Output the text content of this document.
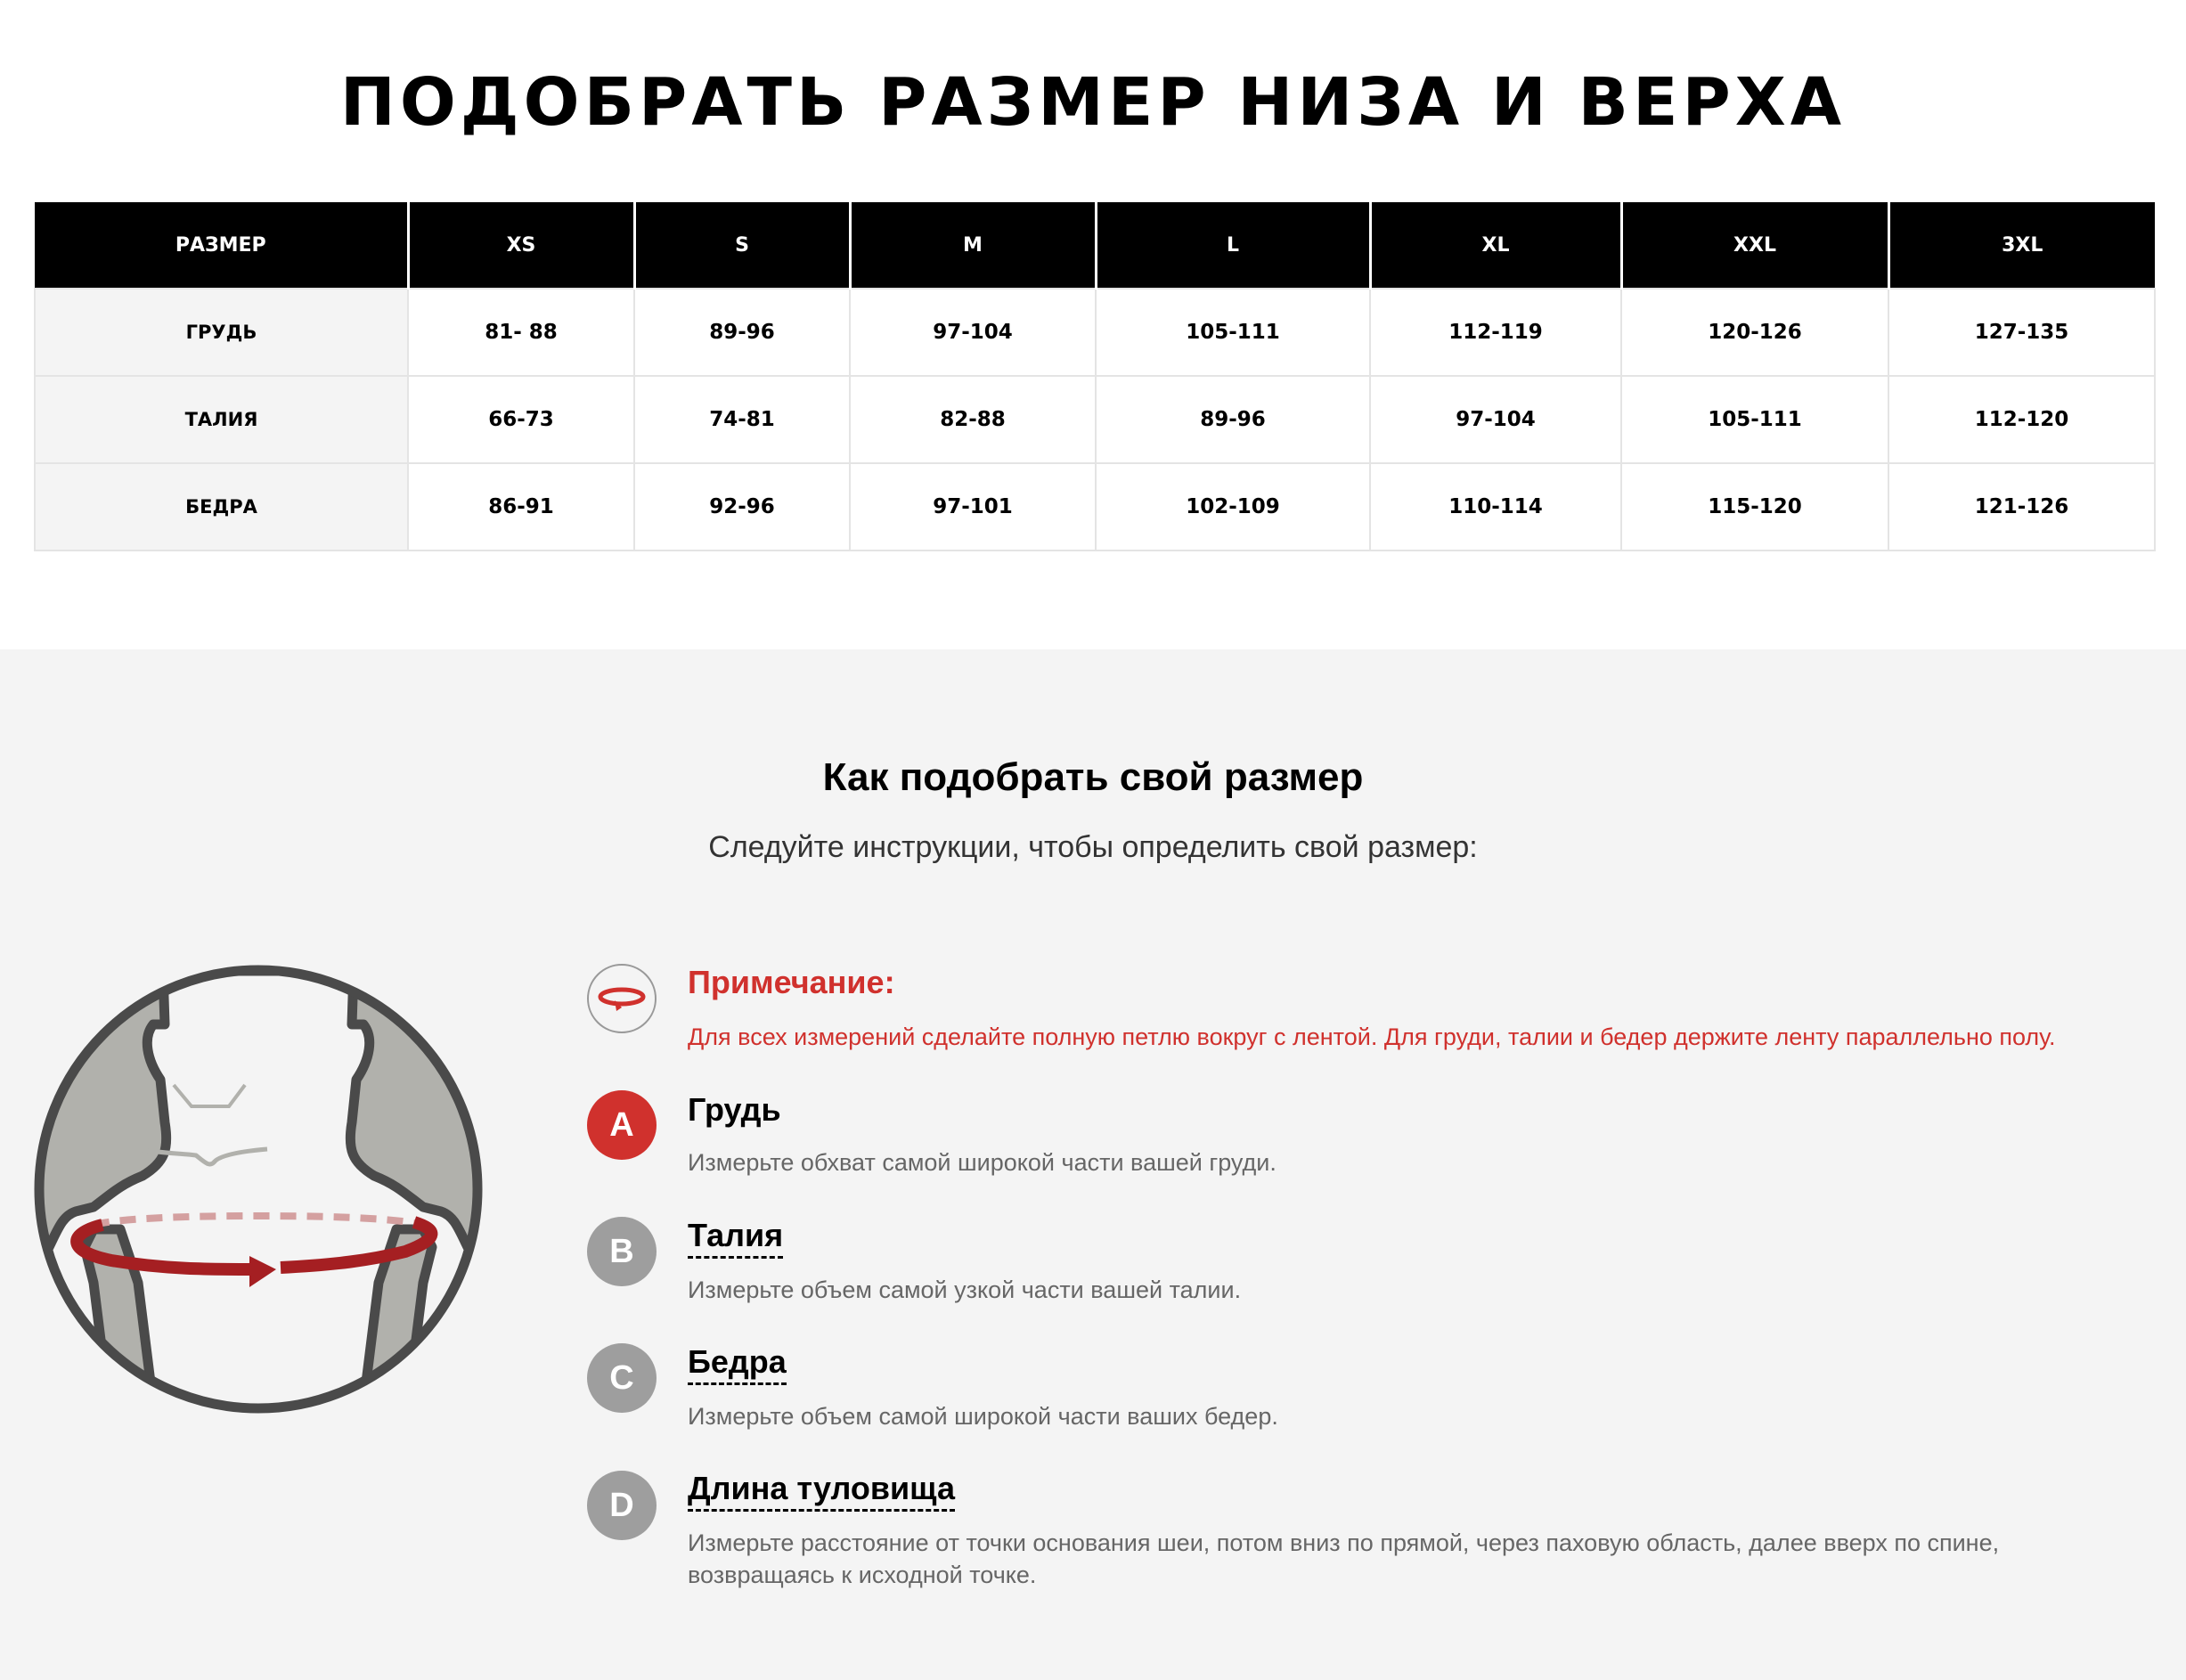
ПОДОБРАТЬ РАЗМЕР НИЗА И ВЕРХА
РАЗМЕР	XS	S	M	L	XL	XXL	3XL
ГРУДЬ	81- 88	89-96	97-104	105-111	112-119	120-126	127-135
ТАЛИЯ	66-73	74-81	82-88	89-96	97-104	105-111	112-120
БЕДРА	86-91	92-96	97-101	102-109	110-114	115-120	121-126
Как подобрать свой размер
Следуйте инструкции, чтобы определить свой размер:
Примечание:
Для всех измерений сделайте полную петлю вокруг с лентой. Для груди, талии и бедер держите ленту параллельно полу.
A	Грудь
Измерьте обхват самой широкой части вашей груди.
B	Талия
Измерьте объем самой узкой части вашей талии.
C	Бедра
Измерьте объем самой широкой части ваших бедер.
D	Длина туловища
Измерьте расстояние от точки основания шеи, потом вниз по прямой, через паховую область, далее вверх по спине, возвращаясь к исходной точке.
